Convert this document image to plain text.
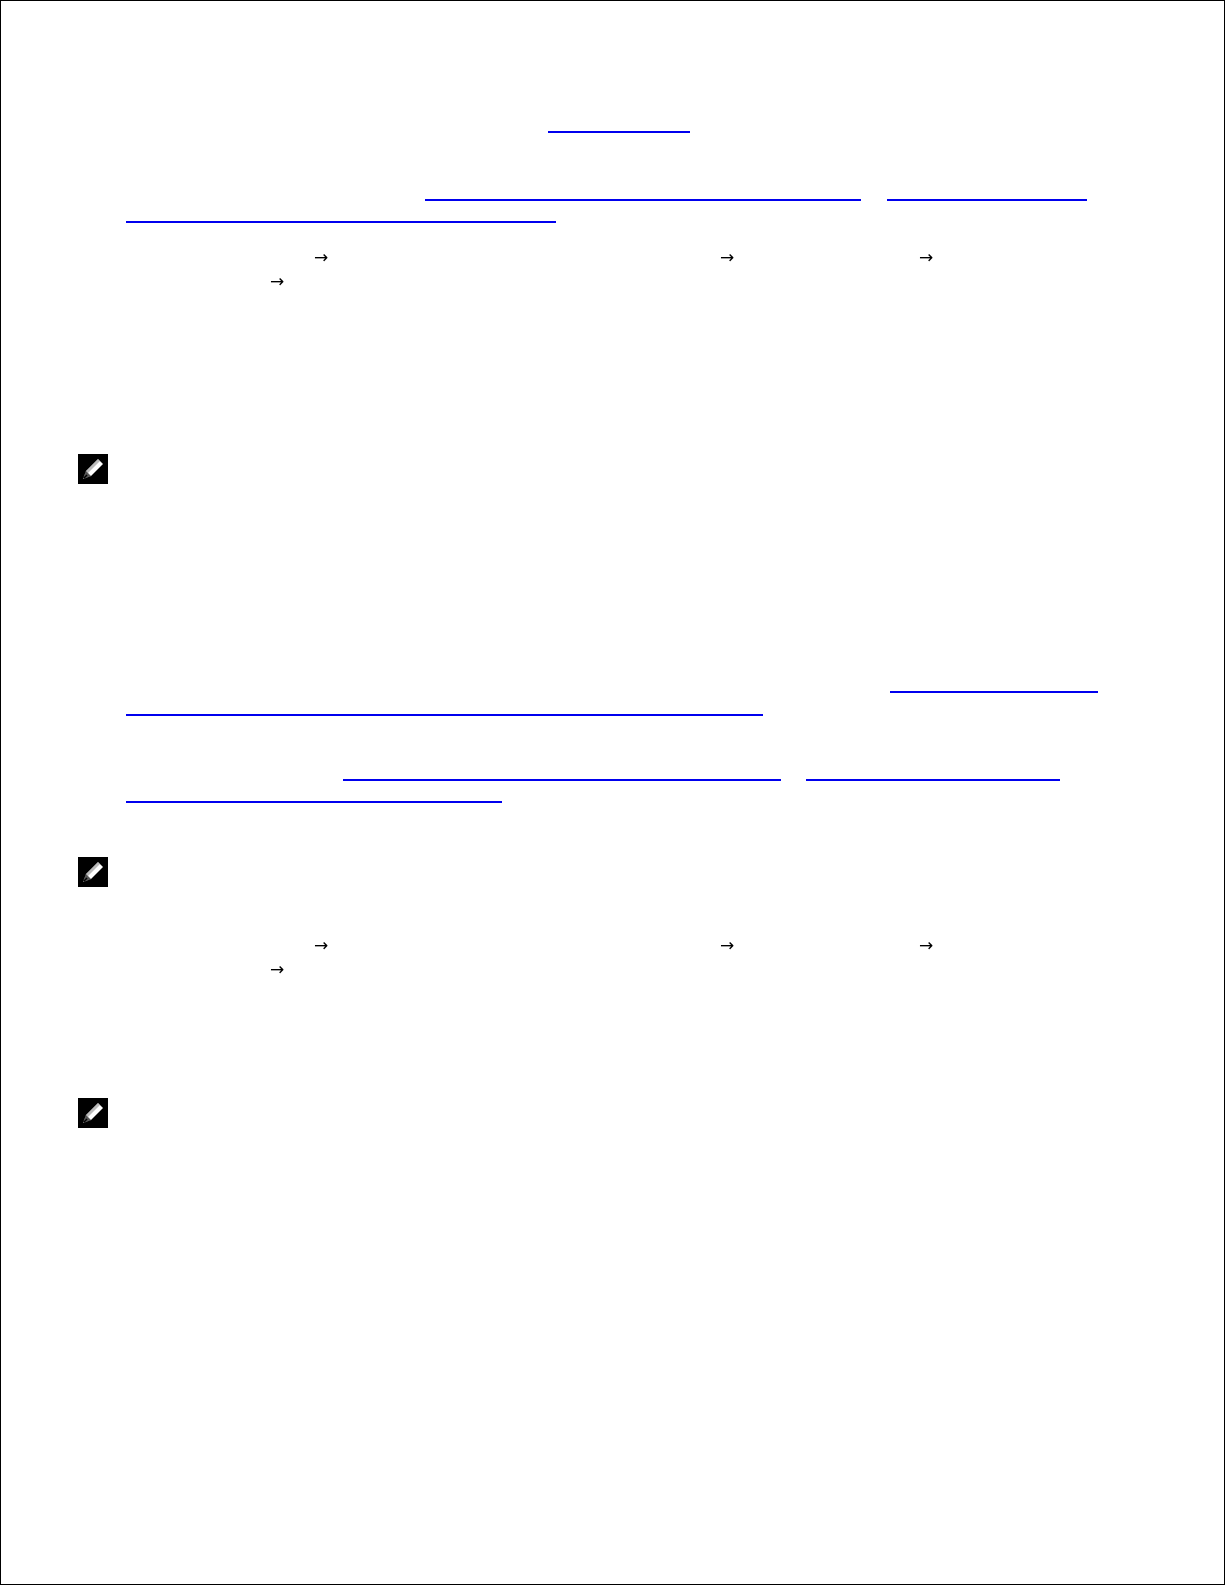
→	→	→
→
→	→	→
→
